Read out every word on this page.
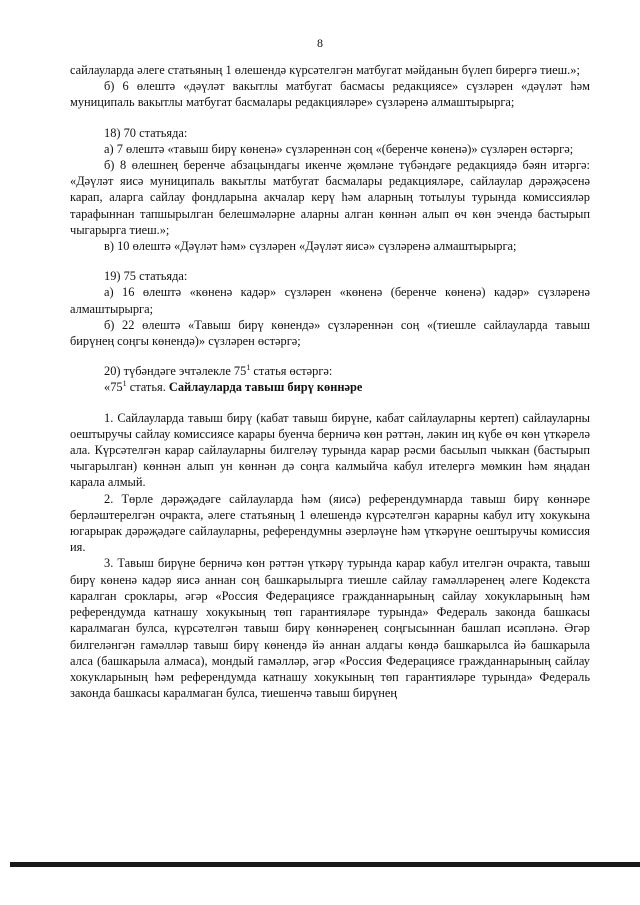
8

сайлауларда әлеге статьяның 1 өлешендә күрсәтелгән матбугат мәйданын бүлеп бирергә тиеш.»;

б) 6 өлештә «дәүләт вакытлы матбугат басмасы редакциясе» сүзләрен «дәүләт һәм муниципаль вакытлы матбугат басмалары редакцияләре» сүзләренә алмаштырырга;

18) 70 статьяда:

а) 7 өлештә «тавыш бирү көненә» сүзләреннән соң «(беренче көненә)» сүзләрен өстәргә;

б) 8 өлешнең беренче абзацындагы икенче җөмләне түбәндәге редакциядә бәян итәргә: «Дәүләт яисә муниципаль вакытлы матбугат басмалары редакцияләре, сайлаулар дәрәҗәсенә карап, аларга сайлау фондларына акчалар керү һәм аларның тотылуы турында комиссияләр тарафыннан тапшырылган белешмәләрне аларны алган көннән алып өч көн эчендә бастырып чыгарырга тиеш.»;

в) 10 өлештә «Дәүләт һәм» сүзләрен «Дәүләт яисә» сүзләренә алмаштырырга;

19) 75 статьяда:

а) 16 өлештә «көненә кадәр» сүзләрен «көненә (беренче көненә) кадәр» сүзләренә алмаштырырга;

б) 22 өлештә «Тавыш бирү көнендә» сүзләреннән соң «(тиешле сайлауларда тавыш бирүнең соңгы көнендә)» сүзләрен өстәргә;

20) түбәндәге эчтәлекле $75^1$ статья өстәргә:

«$75^1$ статья. Сайлауларда тавыш бирү көннәре

1. Сайлауларда тавыш бирү (кабат тавыш бирүне, кабат сайлауларны кертеп) сайлауларны оештыручы сайлау комиссиясе карары буенча берничә көн рәттән, ләкин иң күбе өч көн үткәрелә ала. Күрсәтелгән карар сайлауларны билгеләү турында карар рәсми басылып чыккан (бастырып чыгарылган) көннән алып ун көннән дә соңга калмыйча кабул ителергә мөмкин һәм яңадан карала алмый.

2. Төрле дәрәҗәдәге сайлауларда һәм (яисә) референдумнарда тавыш бирү көннәре берләштерелгән очракта, әлеге статьяның 1 өлешендә күрсәтелгән карарны кабул итү хокукына югарырак дәрәҗәдәге сайлауларны, референдумны әзерләүне һәм үткәрүне оештыручы комиссия ия.

3. Тавыш бирүне берничә көн рәттән үткәрү турында карар кабул ителгән очракта, тавыш бирү көненә кадәр яисә аннан соң башкарылырга тиешле сайлау гамәлләренең әлеге Кодекста каралган сроклары, әгәр «Россия Федерациясе гражданнарының сайлау хокукларының һәм референдумда катнашу хокукының төп гарантияләре турында» Федераль законда башкасы каралмаган булса, күрсәтелгән тавыш бирү көннәренең соңгысыннан башлап исәпләнә. Әгәр билгеләнгән гамәлләр тавыш бирү көнендә йә аннан алдагы көндә башкарылса йә башкарыла алса (башкарыла алмаса), мондый гамәлләр, әгәр «Россия Федерациясе гражданнарының сайлау хокукларының һәм референдумда катнашу хокукының төп гарантияләре турында» Федераль законда башкасы каралмаган булса, тиешенчә тавыш бирүнең
